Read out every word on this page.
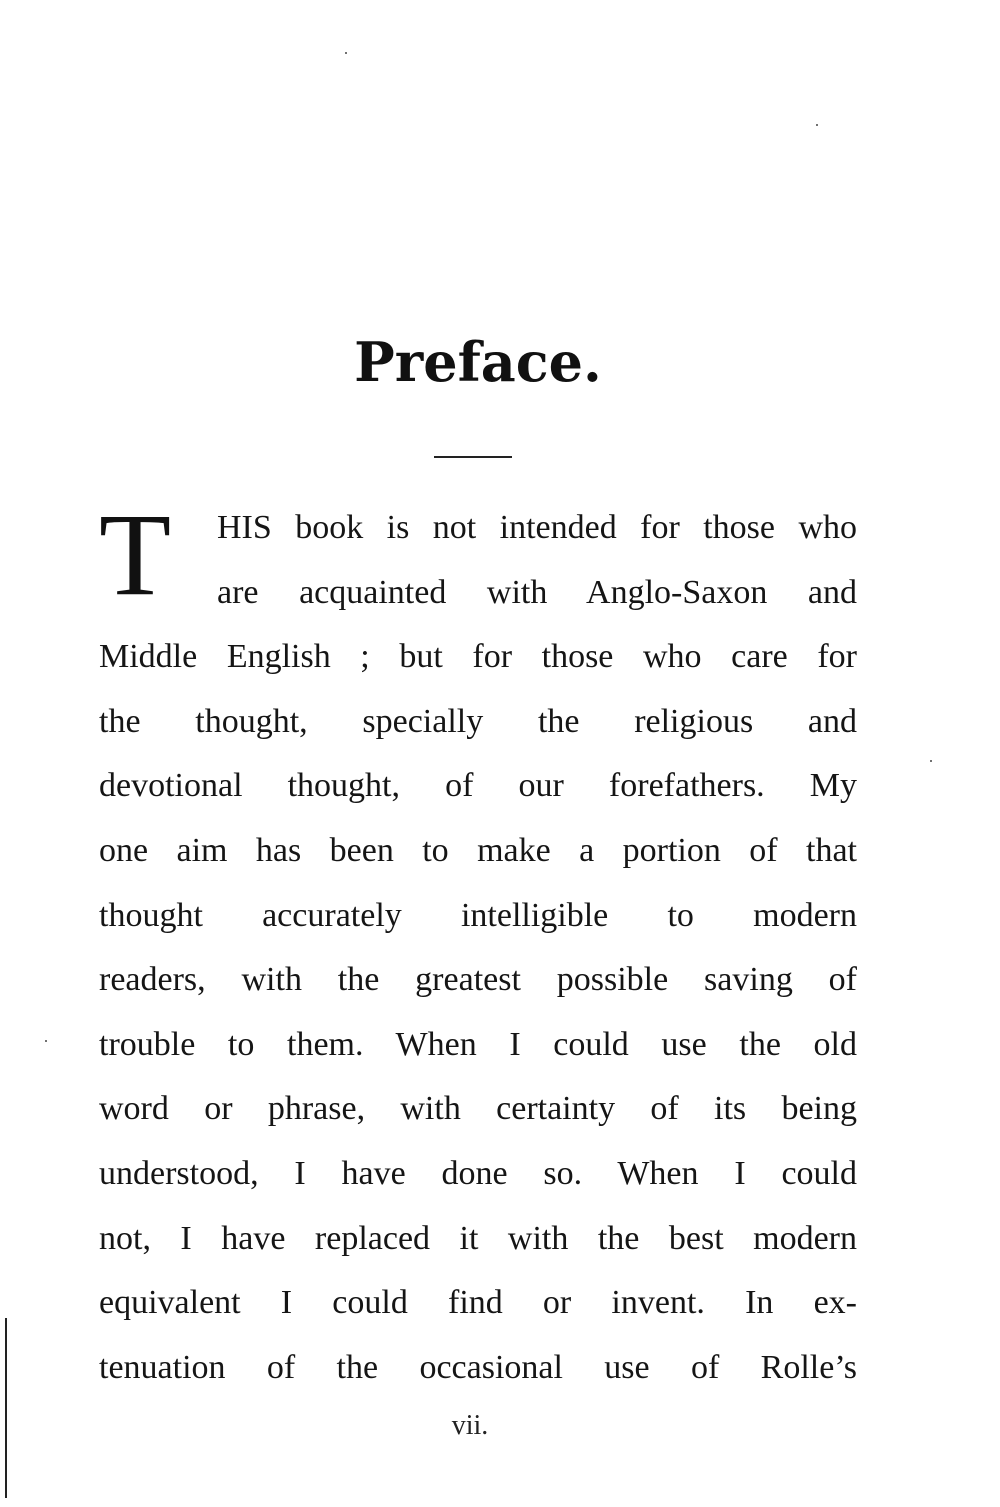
Preface.
T HIS book is not intended for those who
are acquainted with Anglo-Saxon and
Middle English ; but for those who care for
the thought, specially the religious and
devotional thought, of our forefathers. My
one aim has been to make a portion of that
thought accurately intelligible to modern
readers, with the greatest possible saving of
trouble to them. When I could use the old
word or phrase, with certainty of its being
understood, I have done so. When I could
not, I have replaced it with the best modern
equivalent I could find or invent. In ex-
tenuation of the occasional use of Rolle’s
vii.
